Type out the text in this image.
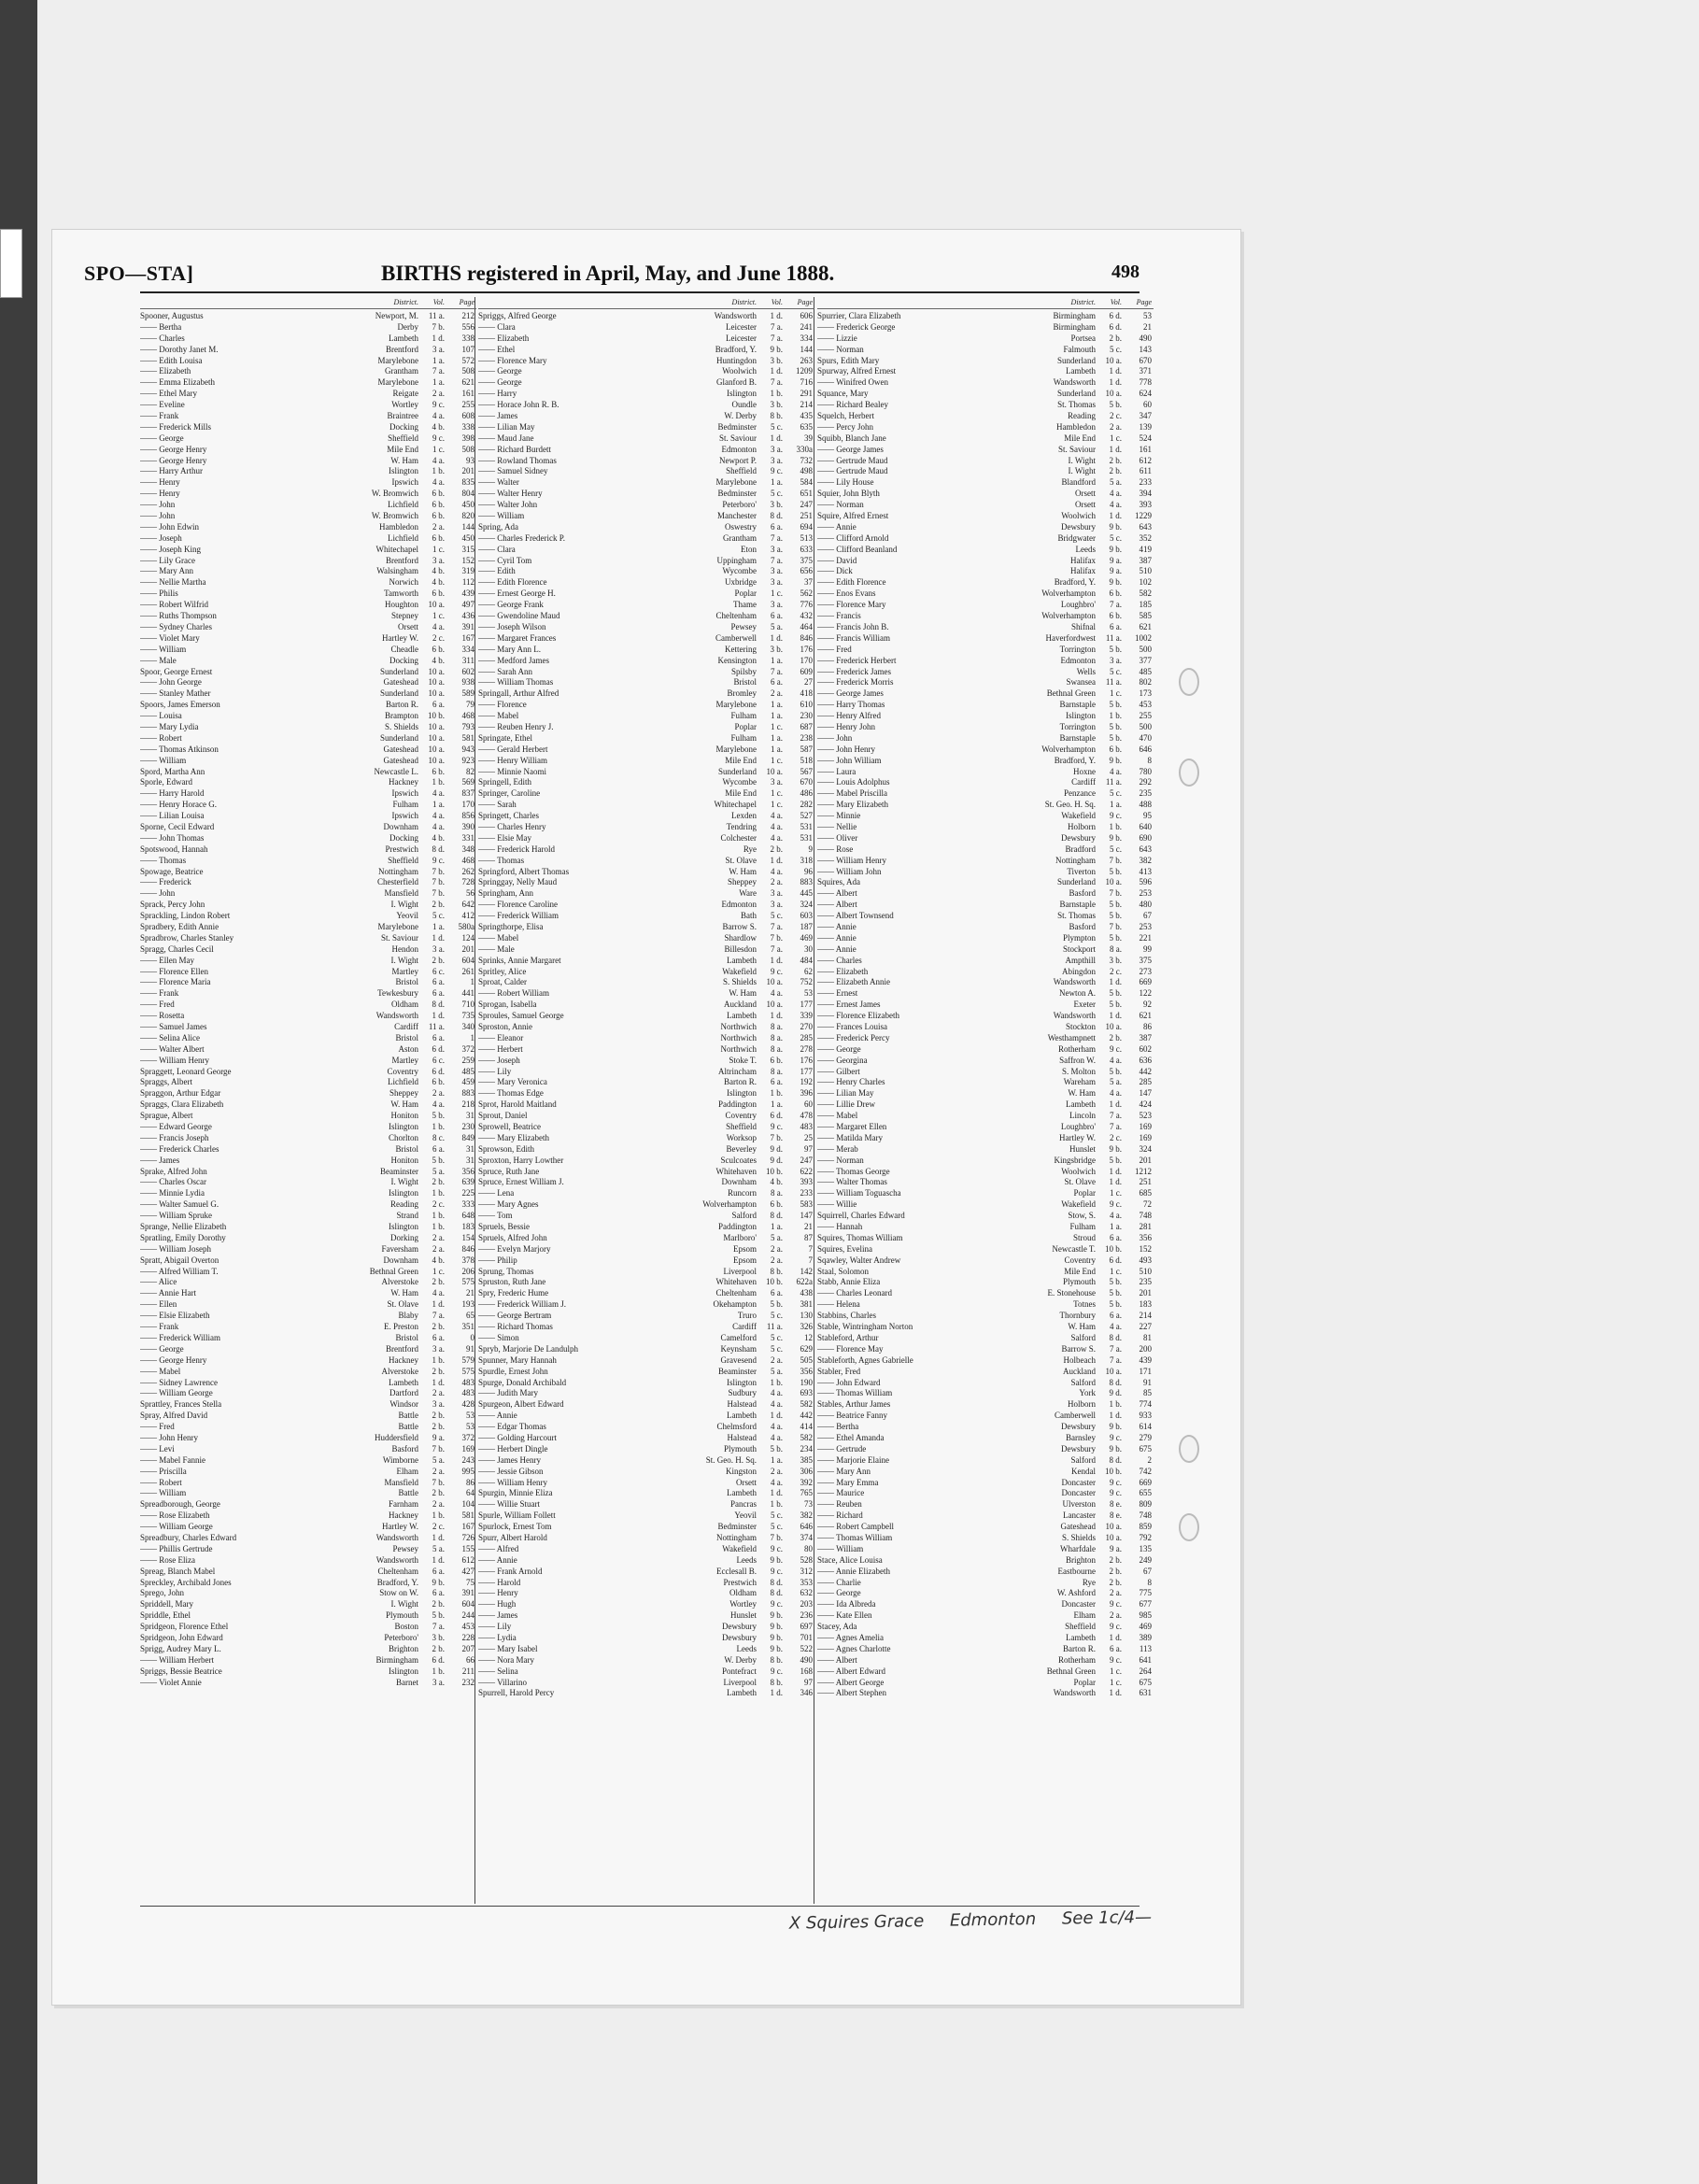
SPO—STA]	BIRTHS registered in April, May, and June 1888.	498
District.	Vol.	Page
Spooner, Augustus	Newport, M.	11 a.	212
—— Bertha	Derby	7 b.	556
—— Charles	Lambeth	1 d.	338
—— Dorothy Janet M.	Brentford	3 a.	107
—— Edith Louisa	Marylebone	1 a.	572
—— Elizabeth	Grantham	7 a.	508
—— Emma Elizabeth	Marylebone	1 a.	621
—— Ethel Mary	Reigate	2 a.	161
—— Eveline	Wortley	9 c.	255
—— Frank	Braintree	4 a.	608
—— Frederick Mills	Docking	4 b.	338
—— George	Sheffield	9 c.	398
—— George Henry	Mile End	1 c.	508
—— George Henry	W. Ham	4 a.	93
—— Harry Arthur	Islington	1 b.	201
—— Henry	Ipswich	4 a.	835
—— Henry	W. Bromwich	6 b.	804
—— John	Lichfield	6 b.	450
—— John	W. Bromwich	6 b.	820
—— John Edwin	Hambledon	2 a.	144
—— Joseph	Lichfield	6 b.	450
—— Joseph King	Whitechapel	1 c.	315
—— Lily Grace	Brentford	3 a.	152
—— Mary Ann	Walsingham	4 b.	319
—— Nellie Martha	Norwich	4 b.	112
—— Philis	Tamworth	6 b.	439
—— Robert Wilfrid	Houghton	10 a.	497
—— Ruths Thompson	Stepney	1 c.	436
—— Sydney Charles	Orsett	4 a.	391
—— Violet Mary	Hartley W.	2 c.	167
—— William	Cheadle	6 b.	334
—— Male	Docking	4 b.	311
Spoor, George Ernest	Sunderland	10 a.	602
—— John George	Gateshead	10 a.	938
—— Stanley Mather	Sunderland	10 a.	589
Spoors, James Emerson	Barton R.	6 a.	79
—— Louisa	Brampton	10 b.	468
—— Mary Lydia	S. Shields	10 a.	793
—— Robert	Sunderland	10 a.	581
—— Thomas Atkinson	Gateshead	10 a.	943
—— William	Gateshead	10 a.	923
Spord, Martha Ann	Newcastle L.	6 b.	82
Sporle, Edward	Hackney	1 b.	569
—— Harry Harold	Ipswich	4 a.	837
—— Henry Horace G.	Fulham	1 a.	170
—— Lilian Louisa	Ipswich	4 a.	856
Sporne, Cecil Edward	Downham	4 a.	390
—— John Thomas	Docking	4 b.	331
Spotswood, Hannah	Prestwich	8 d.	348
—— Thomas	Sheffield	9 c.	468
Spowage, Beatrice	Nottingham	7 b.	262
—— Frederick	Chesterfield	7 b.	728
—— John	Mansfield	7 b.	56
Sprack, Percy John	I. Wight	2 b.	642
Sprackling, Lindon Robert	Yeovil	5 c.	412
Spradbery, Edith Annie	Marylebone	1 a.	580a
Spradbrow, Charles Stanley	St. Saviour	1 d.	124
Spragg, Charles Cecil	Hendon	3 a.	201
—— Ellen May	I. Wight	2 b.	604
—— Florence Ellen	Martley	6 c.	261
—— Florence Maria	Bristol	6 a.	1
—— Frank	Tewkesbury	6 a.	441
—— Fred	Oldham	8 d.	710
—— Rosetta	Wandsworth	1 d.	735
—— Samuel James	Cardiff	11 a.	340
—— Selina Alice	Bristol	6 a.	1
—— Walter Albert	Aston	6 d.	372
—— William Henry	Martley	6 c.	259
Spraggett, Leonard George	Coventry	6 d.	485
Spraggs, Albert	Lichfield	6 b.	459
Spraggon, Arthur Edgar	Sheppey	2 a.	883
Spraggs, Clara Elizabeth	W. Ham	4 a.	218
Sprague, Albert	Honiton	5 b.	31
—— Edward George	Islington	1 b.	230
—— Francis Joseph	Chorlton	8 c.	849
—— Frederick Charles	Bristol	6 a.	31
—— James	Honiton	5 b.	31
Sprake, Alfred John	Beaminster	5 a.	356
—— Charles Oscar	I. Wight	2 b.	639
—— Minnie Lydia	Islington	1 b.	225
—— Walter Samuel G.	Reading	2 c.	333
—— William Spruke	Strand	1 b.	648
Sprange, Nellie Elizabeth	Islington	1 b.	183
Spratling, Emily Dorothy	Dorking	2 a.	154
—— William Joseph	Faversham	2 a.	846
Spratt, Abigail Overton	Downham	4 b.	378
—— Alfred William T.	Bethnal Green	1 c.	206
—— Alice	Alverstoke	2 b.	575
—— Annie Hart	W. Ham	4 a.	21
—— Ellen	St. Olave	1 d.	193
—— Elsie Elizabeth	Blaby	7 a.	65
—— Frank	E. Preston	2 b.	351
—— Frederick William	Bristol	6 a.	0
—— George	Brentford	3 a.	91
—— George Henry	Hackney	1 b.	579
—— Mabel	Alverstoke	2 b.	575
—— Sidney Lawrence	Lambeth	1 d.	483
—— William George	Dartford	2 a.	483
Sprattley, Frances Stella	Windsor	3 a.	428
Spray, Alfred David	Battle	2 b.	53
—— Fred	Battle	2 b.	53
—— John Henry	Huddersfield	9 a.	372
—— Levi	Basford	7 b.	169
—— Mabel Fannie	Wimborne	5 a.	243
—— Priscilla	Elham	2 a.	995
—— Robert	Mansfield	7 b.	86
—— William	Battle	2 b.	64
Spreadborough, George	Farnham	2 a.	104
—— Rose Elizabeth	Hackney	1 b.	581
—— William George	Hartley W.	2 c.	167
Spreadbury, Charles Edward	Wandsworth	1 d.	726
—— Phillis Gertrude	Pewsey	5 a.	155
—— Rose Eliza	Wandsworth	1 d.	612
Spreag, Blanch Mabel	Cheltenham	6 a.	427
Spreckley, Archibald Jones	Bradford, Y.	9 b.	75
Sprego, John	Stow on W.	6 a.	391
Spriddell, Mary	I. Wight	2 b.	604
Spriddle, Ethel	Plymouth	5 b.	244
Spridgeon, Florence Ethel	Boston	7 a.	453
Spridgeon, John Edward	Peterboro'	3 b.	228
Sprigg, Audrey Mary L.	Brighton	2 b.	207
—— William Herbert	Birmingham	6 d.	66
Spriggs, Bessie Beatrice	Islington	1 b.	211
—— Violet Annie	Barnet	3 a.	232
District.	Vol.	Page
Spriggs, Alfred George	Wandsworth	1 d.	606
—— Clara	Leicester	7 a.	241
—— Elizabeth	Leicester	7 a.	334
—— Ethel	Bradford, Y.	9 b.	144
—— Florence Mary	Huntingdon	3 b.	263
—— George	Woolwich	1 d.	1209
—— George	Glanford B.	7 a.	716
—— Harry	Islington	1 b.	291
—— Horace John R. B.	Oundle	3 b.	214
—— James	W. Derby	8 b.	435
—— Lilian May	Bedminster	5 c.	635
—— Maud Jane	St. Saviour	1 d.	39
—— Richard Burdett	Edmonton	3 a.	330a
—— Rowland Thomas	Newport P.	3 a.	732
—— Samuel Sidney	Sheffield	9 c.	498
—— Walter	Marylebone	1 a.	584
—— Walter Henry	Bedminster	5 c.	651
—— Walter John	Peterboro'	3 b.	247
—— William	Manchester	8 d.	251
Spring, Ada	Oswestry	6 a.	694
—— Charles Frederick P.	Grantham	7 a.	513
—— Clara	Eton	3 a.	633
—— Cyril Tom	Uppingham	7 a.	375
—— Edith	Wycombe	3 a.	656
—— Edith Florence	Uxbridge	3 a.	37
—— Ernest George H.	Poplar	1 c.	562
—— George Frank	Thame	3 a.	776
—— Gwendoline Maud	Cheltenham	6 a.	432
—— Joseph Wilson	Pewsey	5 a.	464
—— Margaret Frances	Camberwell	1 d.	846
—— Mary Ann L.	Kettering	3 b.	176
—— Medford James	Kensington	1 a.	170
—— Sarah Ann	Spilsby	7 a.	609
—— William Thomas	Bristol	6 a.	27
Springall, Arthur Alfred	Bromley	2 a.	418
—— Florence	Marylebone	1 a.	610
—— Mabel	Fulham	1 a.	230
—— Reuben Henry J.	Poplar	1 c.	687
Springate, Ethel	Fulham	1 a.	238
—— Gerald Herbert	Marylebone	1 a.	587
—— Henry William	Mile End	1 c.	518
—— Minnie Naomi	Sunderland	10 a.	567
Springell, Edith	Wycombe	3 a.	670
Springer, Caroline	Mile End	1 c.	486
—— Sarah	Whitechapel	1 c.	282
Springett, Charles	Lexden	4 a.	527
—— Charles Henry	Tendring	4 a.	531
—— Elsie May	Colchester	4 a.	531
—— Frederick Harold	Rye	2 b.	9
—— Thomas	St. Olave	1 d.	318
Springford, Albert Thomas	W. Ham	4 a.	96
Springgay, Nelly Maud	Sheppey	2 a.	883
Springham, Ann	Ware	3 a.	445
—— Florence Caroline	Edmonton	3 a.	324
—— Frederick William	Bath	5 c.	603
Springthorpe, Elisa	Barrow S.	7 a.	187
—— Mabel	Shardlow	7 b.	469
—— Male	Billesdon	7 a.	30
Sprinks, Annie Margaret	Lambeth	1 d.	484
Spritley, Alice	Wakefield	9 c.	62
Sproat, Calder	S. Shields	10 a.	752
—— Robert William	W. Ham	4 a.	53
Sprogan, Isabella	Auckland	10 a.	177
Sproules, Samuel George	Lambeth	1 d.	339
Sproston, Annie	Northwich	8 a.	270
—— Eleanor	Northwich	8 a.	285
—— Herbert	Northwich	8 a.	278
—— Joseph	Stoke T.	6 b.	176
—— Lily	Altrincham	8 a.	177
—— Mary Veronica	Barton R.	6 a.	192
—— Thomas Edge	Islington	1 b.	396
Sprot, Harold Maitland	Paddington	1 a.	60
Sprout, Daniel	Coventry	6 d.	478
Sprowell, Beatrice	Sheffield	9 c.	483
—— Mary Elizabeth	Worksop	7 b.	25
Sprowson, Edith	Beverley	9 d.	97
Sproxton, Harry Lowther	Sculcoates	9 d.	247
Spruce, Ruth Jane	Whitehaven	10 b.	622
Spruce, Ernest William J.	Downham	4 b.	393
—— Lena	Runcorn	8 a.	233
—— Mary Agnes	Wolverhampton	6 b.	583
—— Tom	Salford	8 d.	147
Spruels, Bessie	Paddington	1 a.	21
Spruels, Alfred John	Marlboro'	5 a.	87
—— Evelyn Marjory	Epsom	2 a.	7
—— Philip	Epsom	2 a.	7
Sprung, Thomas	Liverpool	8 b.	142
Spruston, Ruth Jane	Whitehaven	10 b.	622a
Spry, Frederic Hume	Cheltenham	6 a.	438
—— Frederick William J.	Okehampton	5 b.	381
—— George Bertram	Truro	5 c.	130
—— Richard Thomas	Cardiff	11 a.	326
—— Simon	Camelford	5 c.	12
Spryb, Marjorie De Landulph	Keynsham	5 c.	629
Spunner, Mary Hannah	Gravesend	2 a.	505
Spurdle, Ernest John	Beaminster	5 a.	356
Spurge, Donald Archibald	Islington	1 b.	190
—— Judith Mary	Sudbury	4 a.	693
Spurgeon, Albert Edward	Halstead	4 a.	582
—— Annie	Lambeth	1 d.	442
—— Edgar Thomas	Chelmsford	4 a.	414
—— Golding Harcourt	Halstead	4 a.	582
—— Herbert Dingle	Plymouth	5 b.	234
—— James Henry	St. Geo. H. Sq.	1 a.	385
—— Jessie Gibson	Kingston	2 a.	306
—— William Henry	Orsett	4 a.	392
Spurgin, Minnie Eliza	Lambeth	1 d.	765
—— Willie Stuart	Pancras	1 b.	73
Spurle, William Follett	Yeovil	5 c.	382
Spurlock, Ernest Tom	Bedminster	5 c.	646
Spurr, Albert Harold	Nottingham	7 b.	374
—— Alfred	Wakefield	9 c.	80
—— Annie	Leeds	9 b.	528
—— Frank Arnold	Ecclesall B.	9 c.	312
—— Harold	Prestwich	8 d.	353
—— Henry	Oldham	8 d.	632
—— Hugh	Wortley	9 c.	203
—— James	Hunslet	9 b.	236
—— Lily	Dewsbury	9 b.	697
—— Lydia	Dewsbury	9 b.	701
—— Mary Isabel	Leeds	9 b.	522
—— Nora Mary	W. Derby	8 b.	490
—— Selina	Pontefract	9 c.	168
—— Villarino	Liverpool	8 b.	97
Spurrell, Harold Percy	Lambeth	1 d.	346
District.	Vol.	Page
Spurrier, Clara Elizabeth	Birmingham	6 d.	53
—— Frederick George	Birmingham	6 d.	21
—— Lizzie	Portsea	2 b.	490
—— Norman	Falmouth	5 c.	143
Spurs, Edith Mary	Sunderland	10 a.	670
Spurway, Alfred Ernest	Lambeth	1 d.	371
—— Winifred Owen	Wandsworth	1 d.	778
Squance, Mary	Sunderland	10 a.	624
—— Richard Bealey	St. Thomas	5 b.	60
Squelch, Herbert	Reading	2 c.	347
—— Percy John	Hambledon	2 a.	139
Squibb, Blanch Jane	Mile End	1 c.	524
—— George James	St. Saviour	1 d.	161
—— Gertrude Maud	I. Wight	2 b.	612
—— Gertrude Maud	I. Wight	2 b.	611
—— Lily House	Blandford	5 a.	233
Squier, John Blyth	Orsett	4 a.	394
—— Norman	Orsett	4 a.	393
Squire, Alfred Ernest	Woolwich	1 d.	1229
—— Annie	Dewsbury	9 b.	643
—— Clifford Arnold	Bridgwater	5 c.	352
—— Clifford Beanland	Leeds	9 b.	419
—— David	Halifax	9 a.	387
—— Dick	Halifax	9 a.	510
—— Edith Florence	Bradford, Y.	9 b.	102
—— Enos Evans	Wolverhampton	6 b.	582
—— Florence Mary	Loughbro'	7 a.	185
—— Francis	Wolverhampton	6 b.	585
—— Francis John B.	Shifnal	6 a.	621
—— Francis William	Haverfordwest	11 a.	1002
—— Fred	Torrington	5 b.	500
—— Frederick Herbert	Edmonton	3 a.	377
—— Frederick James	Wells	5 c.	485
—— Frederick Morris	Swansea	11 a.	802
—— George James	Bethnal Green	1 c.	173
—— Harry Thomas	Barnstaple	5 b.	453
—— Henry Alfred	Islington	1 b.	255
—— Henry John	Torrington	5 b.	500
—— John	Barnstaple	5 b.	470
—— John Henry	Wolverhampton	6 b.	646
—— John William	Bradford, Y.	9 b.	8
—— Laura	Hoxne	4 a.	780
—— Louis Adolphus	Cardiff	11 a.	292
—— Mabel Priscilla	Penzance	5 c.	235
—— Mary Elizabeth	St. Geo. H. Sq.	1 a.	488
—— Minnie	Wakefield	9 c.	95
—— Nellie	Holborn	1 b.	640
—— Oliver	Dewsbury	9 b.	690
—— Rose	Bradford	5 c.	643
—— William Henry	Nottingham	7 b.	382
—— William John	Tiverton	5 b.	413
Squires, Ada	Sunderland	10 a.	596
—— Albert	Basford	7 b.	253
—— Albert	Barnstaple	5 b.	480
—— Albert Townsend	St. Thomas	5 b.	67
—— Annie	Basford	7 b.	253
—— Annie	Plympton	5 b.	221
—— Annie	Stockport	8 a.	99
—— Charles	Ampthill	3 b.	375
—— Elizabeth	Abingdon	2 c.	273
—— Elizabeth Annie	Wandsworth	1 d.	669
—— Ernest	Newton A.	5 b.	122
—— Ernest James	Exeter	5 b.	92
—— Florence Elizabeth	Wandsworth	1 d.	621
—— Frances Louisa	Stockton	10 a.	86
—— Frederick Percy	Westhampnett	2 b.	387
—— George	Rotherham	9 c.	602
—— Georgina	Saffron W.	4 a.	636
—— Gilbert	S. Molton	5 b.	442
—— Henry Charles	Wareham	5 a.	285
—— Lilian May	W. Ham	4 a.	147
—— Lillie Drew	Lambeth	1 d.	424
—— Mabel	Lincoln	7 a.	523
—— Margaret Ellen	Loughbro'	7 a.	169
—— Matilda Mary	Hartley W.	2 c.	169
—— Merab	Hunslet	9 b.	324
—— Norman	Kingsbridge	5 b.	201
—— Thomas George	Woolwich	1 d.	1212
—— Walter Thomas	St. Olave	1 d.	251
—— William Toguascha	Poplar	1 c.	685
—— Willie	Wakefield	9 c.	72
Squirrell, Charles Edward	Stow, S.	4 a.	748
—— Hannah	Fulham	1 a.	281
Squires, Thomas William	Stroud	6 a.	356
Squires, Evelina	Newcastle T.	10 b.	152
Sqawley, Walter Andrew	Coventry	6 d.	493
Staal, Solomon	Mile End	1 c.	510
Stabb, Annie Eliza	Plymouth	5 b.	235
—— Charles Leonard	E. Stonehouse	5 b.	201
—— Helena	Totnes	5 b.	183
Stabbins, Charles	Thornbury	6 a.	214
Stable, Wintringham Norton	W. Ham	4 a.	227
Stableford, Arthur	Salford	8 d.	81
—— Florence May	Barrow S.	7 a.	200
Stableforth, Agnes Gabrielle	Holbeach	7 a.	439
Stabler, Fred	Auckland	10 a.	171
—— John Edward	Salford	8 d.	91
—— Thomas William	York	9 d.	85
Stables, Arthur James	Holborn	1 b.	774
—— Beatrice Fanny	Camberwell	1 d.	933
—— Bertha	Dewsbury	9 b.	614
—— Ethel Amanda	Barnsley	9 c.	279
—— Gertrude	Dewsbury	9 b.	675
—— Marjorie Elaine	Salford	8 d.	2
—— Mary Ann	Kendal	10 b.	742
—— Mary Emma	Doncaster	9 c.	669
—— Maurice	Doncaster	9 c.	655
—— Reuben	Ulverston	8 e.	809
—— Richard	Lancaster	8 e.	748
—— Robert Campbell	Gateshead	10 a.	859
—— Thomas William	S. Shields	10 a.	792
—— William	Wharfdale	9 a.	135
Stace, Alice Louisa	Brighton	2 b.	249
—— Annie Elizabeth	Eastbourne	2 b.	67
—— Charlie	Rye	2 b.	8
—— George	W. Ashford	2 a.	775
—— Ida Albreda	Doncaster	9 c.	677
—— Kate Ellen	Elham	2 a.	985
Stacey, Ada	Sheffield	9 c.	469
—— Agnes Amelia	Lambeth	1 d.	389
—— Agnes Charlotte	Barton R.	6 a.	113
—— Albert	Rotherham	9 c.	641
—— Albert Edward	Bethnal Green	1 c.	264
—— Albert George	Poplar	1 c.	675
—— Albert Stephen	Wandsworth	1 d.	631
X Squires Grace Edmonton See 1c/4—
